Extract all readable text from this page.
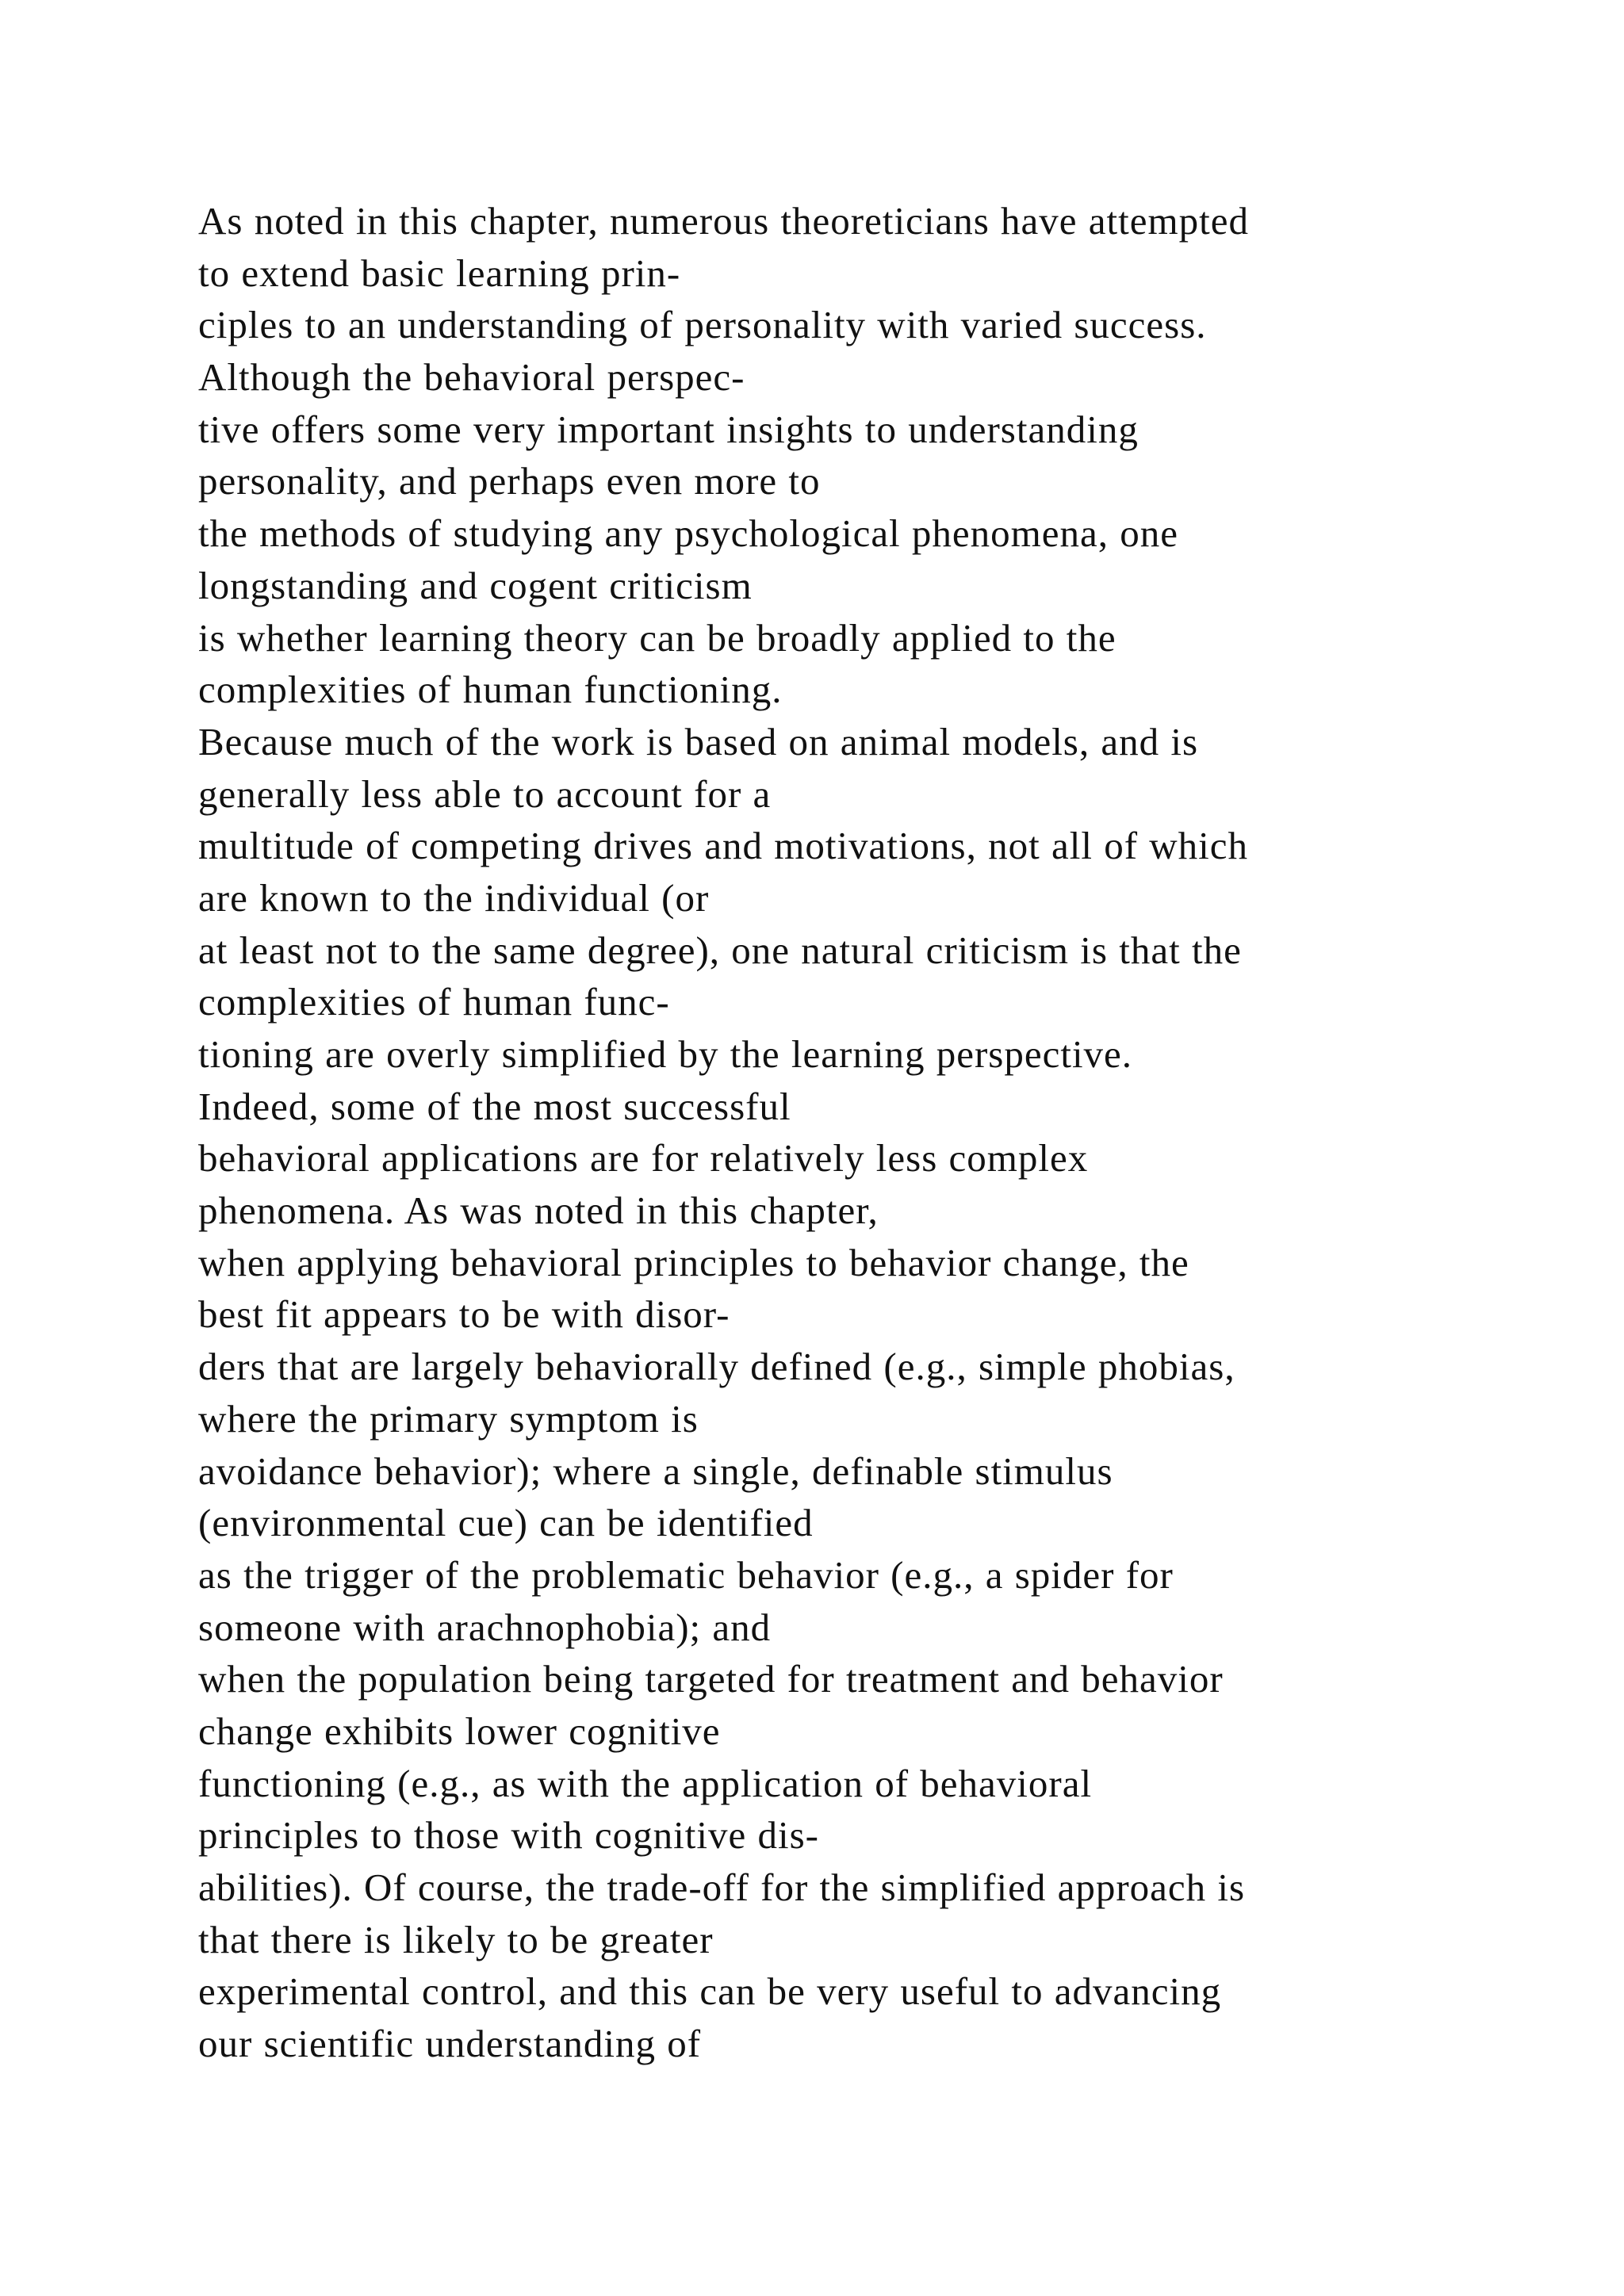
As noted in this chapter, numerous theoreticians have attempted
to extend basic learning prin-
ciples to an understanding of personality with varied success.
Although the behavioral perspec-
tive offers some very important insights to understanding
personality, and perhaps even more to
the methods of studying any psychological phenomena, one
longstanding and cogent criticism
is whether learning theory can be broadly applied to the
complexities of human functioning.
Because much of the work is based on animal models, and is
generally less able to account for a
multitude of competing drives and motivations, not all of which
are known to the individual (or
at least not to the same degree), one natural criticism is that the
complexities of human func-
tioning are overly simplified by the learning perspective.
Indeed, some of the most successful
behavioral applications are for relatively less complex
phenomena. As was noted in this chapter,
when applying behavioral principles to behavior change, the
best fit appears to be with disor-
ders that are largely behaviorally defined (e.g., simple phobias,
where the primary symptom is
avoidance behavior); where a single, definable stimulus
(environmental cue) can be identified
as the trigger of the problematic behavior (e.g., a spider for
someone with arachnophobia); and
when the population being targeted for treatment and behavior
change exhibits lower cognitive
functioning (e.g., as with the application of behavioral
principles to those with cognitive dis-
abilities). Of course, the trade-off for the simplified approach is
that there is likely to be greater
experimental control, and this can be very useful to advancing
our scientific understanding of
